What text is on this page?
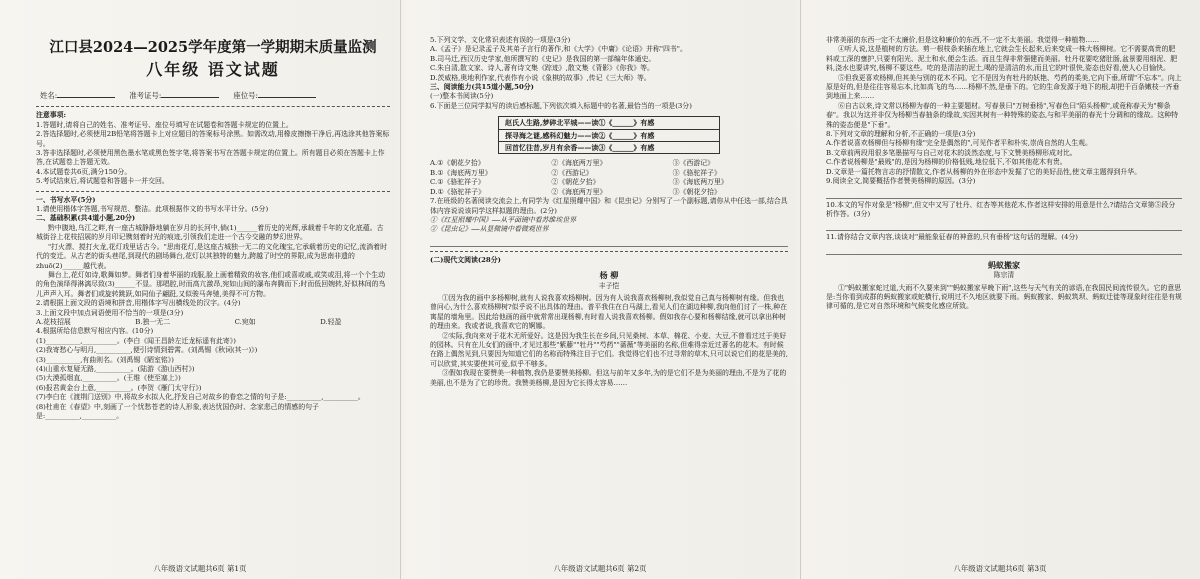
江口县2024—2025学年度第一学期期末质量监测
八年级 语文试题
姓名:	准考证号:	座位号:

注意事项:

1.答题时,请将自己的姓名、准考证号、座位号填写在试题卷和答题卡规定的位置上。

2.答选择题时,必须使用2B铅笔将答题卡上对应题目的答案标号涂黑。如需改动,用橡皮擦擦干净后,再选涂其他答案标号。

3.答非选择题时,必须使用黑色墨水笔或黑色签字笔,将答案书写在答题卡规定的位置上。所有题目必须在答题卡上作答,在试题卷上答题无效。

4.本试题卷共6页,满分150分。

5.考试结束后,将试题卷和答题卡一并交回。

一、书写水平(5分)

1.请使用楷体字答题,书写规范、整洁。此项根据作文的书写水平计分。(5分)

二、基础积累(共4道小题,20分)

黔中腹地,乌江之畔,有一座古城静静地躺在岁月的长河中,倘(1)______着历史的光辉,承载着千年的文化底蕴。古城街谷上花枝招展的岁月印记镌刻着时光的痕迹,引领我们走进一个古今交融的梦幻世界。

"打火漂、搅打火龙,花灯戏里话古今。"思南花灯,是这座古城独一无二的文化瑰宝,它承载着历史的记忆,流淌着时代的变迁。从古老的街头巷尾,到现代的剧场舞台,花灯以其独特的魅力,跨越了时空的界限,成为思南非遗的 zhuō(2)______越代表。

舞台上,花灯如诗,歌舞如梦。舞者们身着华丽的戏服,脸上画着精致的妆容,他们或喜或戚,或笑或泪,将一个个生动的角色演绎得淋漓尽致(3)______不显。那唱腔,时而高亢激昂,宛如山间的瀑布奔腾而下;时而低回婉转,好似林间的鸟儿声声入耳。舞者们或旋转跳跃,如同仙子翩跹,又似骏马奔驰,美得不可方物。

2.请根据上面文段的语境和拼音,用楷体字写出横线处的汉字。(4分)

3.上面文段中加点词语使用不恰当的一项是(3分)

A.花枝招展	B.独一无二	C.宛如	D.轻盈

4.根据所给信息默写相应内容。(10分)

(1)__________,__________。(李白《闻王昌龄左迁龙标遥有此寄》)

(2)我寄愁心与明月,__________,便引诗情到碧霄。(刘禹锡《秋词(其一)》)

(3)__________,有曲则名。(刘禹锡《陋室铭》)

(4)山重水复疑无路,__________。(陆游《游山西村》)

(5)大漠孤烟直,__________。(王维《使至塞上》)

(6)报君黄金台上意,__________。(李贺《雁门太守行》)

(7)李白在《渡荆门送别》中,将故乡水拟人化,抒发自己对故乡的眷恋之情的句子是:__________,__________。

(8)杜甫在《春望》中,刻画了一个忧愁苍老的诗人形象,表达忧国伤时、念家悲己的情感的句子是:__________,__________。

八年级语文试题共6页 第1页

5.下列文学、文化常识表述有误的一项是(3分)

A.《孟子》是记录孟子及其弟子言行的著作,和《大学》《中庸》《论语》并称"四书"。

B.司马迁,西汉历史学家,他所撰写的《史记》是我国的第一部编年体通史。

C.朱自清,散文家、诗人,著有诗文集《踪迹》,散文集《背影》《你我》等。

D.茨威格,奥地利作家,代表作有小说《象棋的故事》,传记《三大师》等。

三、阅读能力(共15道小题,50分)

(一)整本书阅读(5分)

6.下面是三位同学拟写的读后感标题,下列依次填入标题中的名著,最恰当的一项是(3分)

赵氏人生路,梦碎北平城——读①《______》有感
探寻海之谜,感科幻魅力——读②《______》有感
回首忆往昔,岁月有余香——读③《______》有感
A.①《朝花夕拾》	②《海底两万里》	③《西游记》
B.①《海底两万里》	②《西游记》	③《骆驼祥子》
C.①《骆驼祥子》	②《朝花夕拾》	③《海底两万里》
D.①《骆驼祥子》	②《海底两万里》	③《朝花夕拾》

7.在班级的名著阅读交流会上,有同学为《红星照耀中国》和《昆虫记》分别写了一个副标题,请你从中任选一部,结合具体内容说说该同学这样拟题的理由。(2分)

①《红星照耀中国》——从平面镜中看苏维埃世界

②《昆虫记》——从显微镜中看微观世界

(二)现代文阅读(28分)

杨 柳
丰子恺

①因为我的画中多杨柳树,就有人说我喜欢杨柳树。因为有人说我喜欢杨柳树,我似觉自己真与杨柳树有缘。但我也曾问心,为什么喜欢杨柳树?似乎说不出具体的理由。普平我住在白马湖上,看见人们在湖边种柳,我向他们讨了一株,种在寓屋的墙角里。因此给他画的画中就常常出现杨柳,有时看人说我喜欢杨柳。假如我存心要和杨柳结缘,就可以拿出种树的理由来。我或者说,我喜欢它的婀娜。

②实际,我向来对于花木无所爱好。这是因为我生长在乡间,只见桑树、本草、棉花、小麦、大豆,不曾看过过于美好的园林。只有在儿女们的画中,才见过那些"紫藤""牡丹""芍药""蔷薇"等美丽的名称,但难得亲近过著名的花木。有时候在路上偶然见到,只要因为知道它们的名称而特殊注目于它们。我觉得它们也不过寻常的草木,只可以说它们的花是美的,可以欣赏,其实要使其可爱,似乎不够多。

③假如我现在要赞美一种植物,我仍是要赞美杨柳。但这与前年又多年,为的是它们不是为美丽的理由,不是为了花的美丽,也不是为了它的珍贵。我赞美杨柳,是因为它长得太容易……

八年级语文试题共6页 第2页

非常美丽的东西一定不太廉价,但是这种廉价的东西,不一定不太美丽。我觉得一种植物……

④听人说,这是植树的方法。剪一根枝条来插在地上,它就会生长起来,后来变成一株大杨柳树。它不需要高贵的肥料或工深的壅护,只要有阳光、泥土和水,便会生活。而且生得非常强健而美丽。牡丹花要吃猪肚肠,盆景要用细泥、肥料,浇水也要讲究,杨柳不要这些。吃的是清洁的泥土,喝的是清洁的水,而且它的叶很快,姿态也好看,使人心目愉快。

⑤但我更喜欢杨柳,但其美与别的花木不同。它不是因为有牡丹的妖艳、芍药的柔美,它向下垂,所谓"不忘本"。向上原是好的,但是往往容易忘本,比如高飞的鸟……杨柳不然,是垂下的。它的生命发源于地下的根,却把千百条嫩枝一齐垂到地面上来……

⑥自古以来,诗文常以杨柳为春的一种主要题材。写春景曰"万树垂杨",写春色曰"陌头杨柳",或竟称春天为"柳条春"。我以为这并非仅为杨柳当春抽条的缘故,实因其树有一种特殊的姿态,与和平美丽的春光十分调和的缘故。这种特殊的姿态便是"下垂"。

8.下列对文章的理解和分析,不正确的一项是(3分)

A.作者说喜欢杨柳但与杨柳有缘"完全是偶然的",可见作者平和朴实,崇尚自然的人生观。

B.文章前两段用很多笔墨描写与自己对花木的淡然态度,与下文赞美杨柳形成对比。

C.作者说杨柳是"最贱"的,是因为杨柳的价格低贱,地位低下,不如其他花木有贵。

D.文章是一篇托物言志的抒情散文,作者从杨柳的外在形态中发掘了它的美好品性,使文章主题得到升华。

9.阅读全文,简要概括作者赞美杨柳的原因。(3分)

10.本文的写作对象是"杨柳",但文中又写了牡丹、红杏等其他花木,作者这样安排的用意是什么?请结合文章第⑤段分析作答。(3分)

11.请你结合文章内容,谈谈对"最能象征春的神意的,只有垂杨"这句话的理解。(4分)

蚂蚁搬家
陈宗清

①"蚂蚁搬家蛇过道,大雨不久要来到""蚂蚁搬家早晚下雨",这些与天气有关的谚语,在我国民间流传很久。它的意思是:当你看到成群的蚂蚁搬家或蛇横行,说明过不久地区就要下雨。蚂蚁搬家、蚂蚁筑坝、蚂蚁迁徙等现象时往往是有规律可循的,是它对自然环境和气候变化感应所致。

八年级语文试题共6页 第3页
